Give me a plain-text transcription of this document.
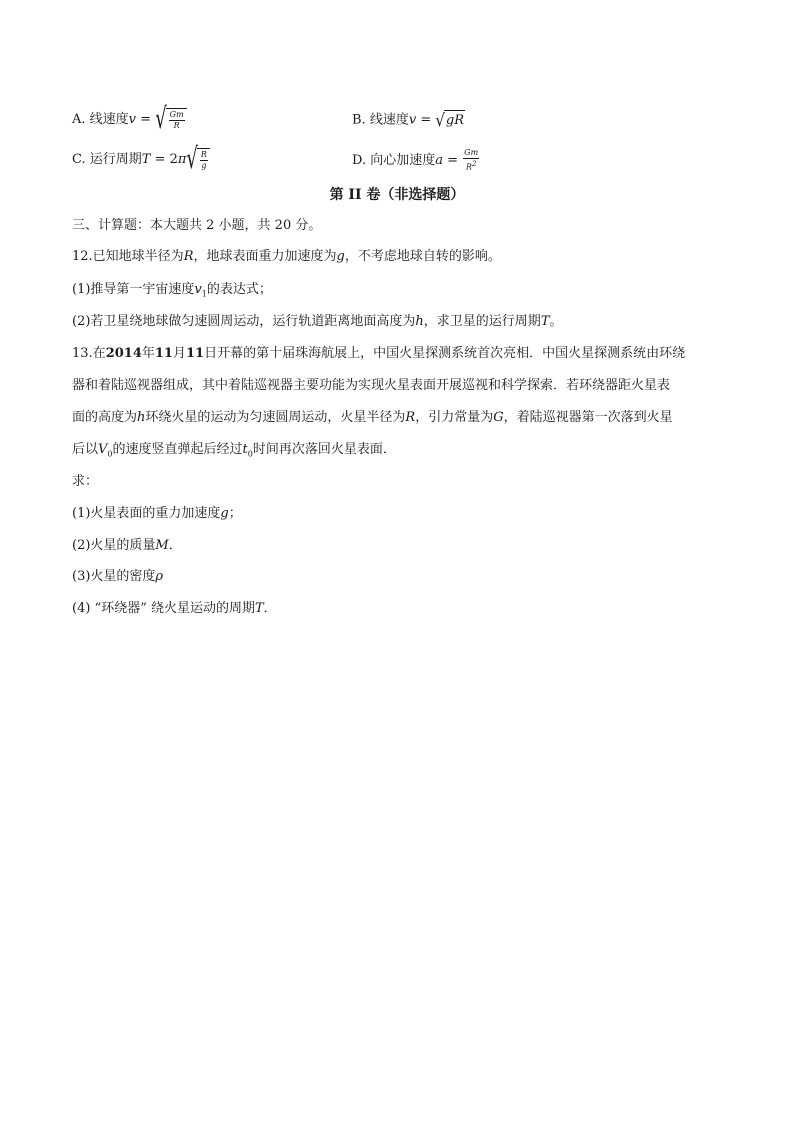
A. 线速度v = √ $\frac{Gm}{R}$	B. 线速度v = √gR
C. 运行周期$T = 2\pi√ \frac{R}{g}$	D. 向心加速度$a = \frac{Gm}{R^2}$
第 II 卷（非选择题）
三、计算题：本大题共 2 小题，共 20 分。
12.已知地球半径为R，地球表面重力加速度为g，不考虑地球自转的影响。
(1)推导第一宇宙速度$v_1$的表达式；
(2)若卫星绕地球做匀速圆周运动，运行轨道距离地面高度为h，求卫星的运行周期T。
13.在2014年11月11日开幕的第十届珠海航展上，中国火星探测系统首次亮相．中国火星探测系统由环绕
器和着陆巡视器组成，其中着陆巡视器主要功能为实现火星表面开展巡视和科学探索．若环绕器距火星表
面的高度为h环绕火星的运动为匀速圆周运动，火星半径为R，引力常量为G，着陆巡视器第一次落到火星
后以$V_0$的速度竖直弹起后经过$t_0$时间再次落回火星表面．
求：
(1)火星表面的重力加速度g；
(2)火星的质量M．
(3)火星的密度ρ
(4) “环绕器” 绕火星运动的周期T．
